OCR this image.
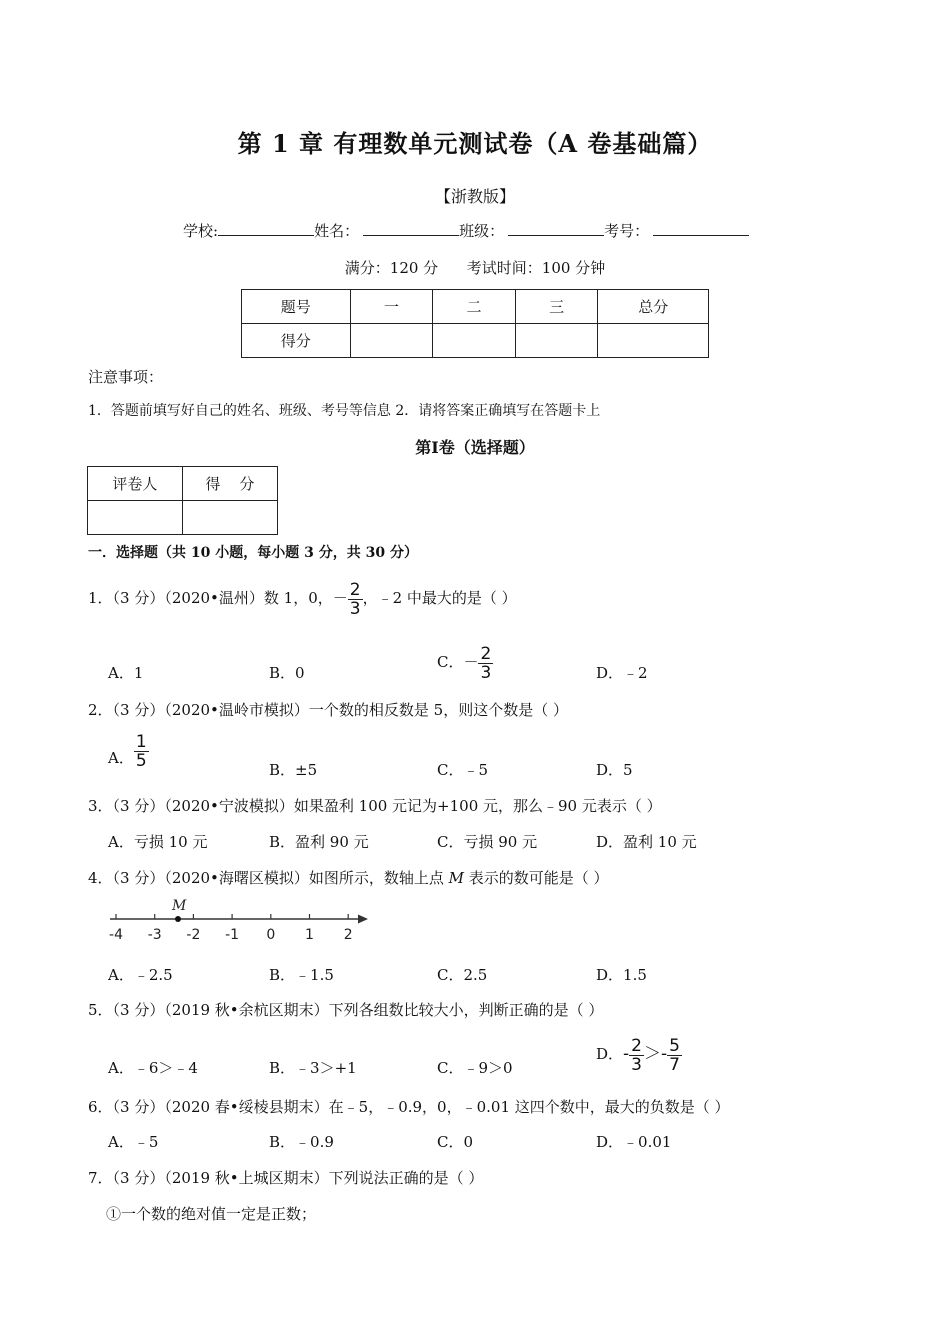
第 1 章 有理数单元测试卷（A 卷基础篇）
【浙教版】
学校:	姓名：	班级：	考号：
满分：120 分      考试时间：100 分钟
题号	一	二	三	总分
得分				
注意事项：
1．答题前填写好自己的姓名、班级、考号等信息 2．请将答案正确填写在答题卡上
第Ⅰ卷（选择题）
评卷人	得    分

一．选择题（共 10 小题，每小题 3 分，共 30 分）
1．（3 分）（2020•温州）数 1，0，－ $\frac{2}{3}$ ，﹣2 中最大的是（ ）
A．1	B．0
C．－ $\frac{2}{3}$	D．﹣2
2．（3 分）（2020•温岭市模拟）一个数的相反数是 5，则这个数是（ ）
A． $\frac{1}{5}$	B．±5	C．﹣5	D．5
3．（3 分）（2020•宁波模拟）如果盈利 100 元记为+100 元，那么﹣90 元表示（ ）
A．亏损 10 元	B．盈利 90 元	C．亏损 90 元	D．盈利 10 元
4．（3 分）（2020•海曙区模拟）如图所示，数轴上点 M 表示的数可能是（ ）
-4 -3 -2 -1 0 1 2
M
A．﹣2.5	B．﹣1.5	C．2.5	D．1.5
5．（3 分）（2019 秋•余杭区期末）下列各组数比较大小，判断正确的是（ ）
A．﹣6＞﹣4	B．﹣3＞+1	C．﹣9＞0
D．- $\frac{2}{3} >- \frac{5}{7}$
6．（3 分）（2020 春•绥棱县期末）在﹣5，﹣0.9，0，﹣0.01 这四个数中，最大的负数是（ ）
A．﹣5	B．﹣0.9	C．0	D．﹣0.01
7．（3 分）（2019 秋•上城区期末）下列说法正确的是（ ）
①一个数的绝对值一定是正数；
